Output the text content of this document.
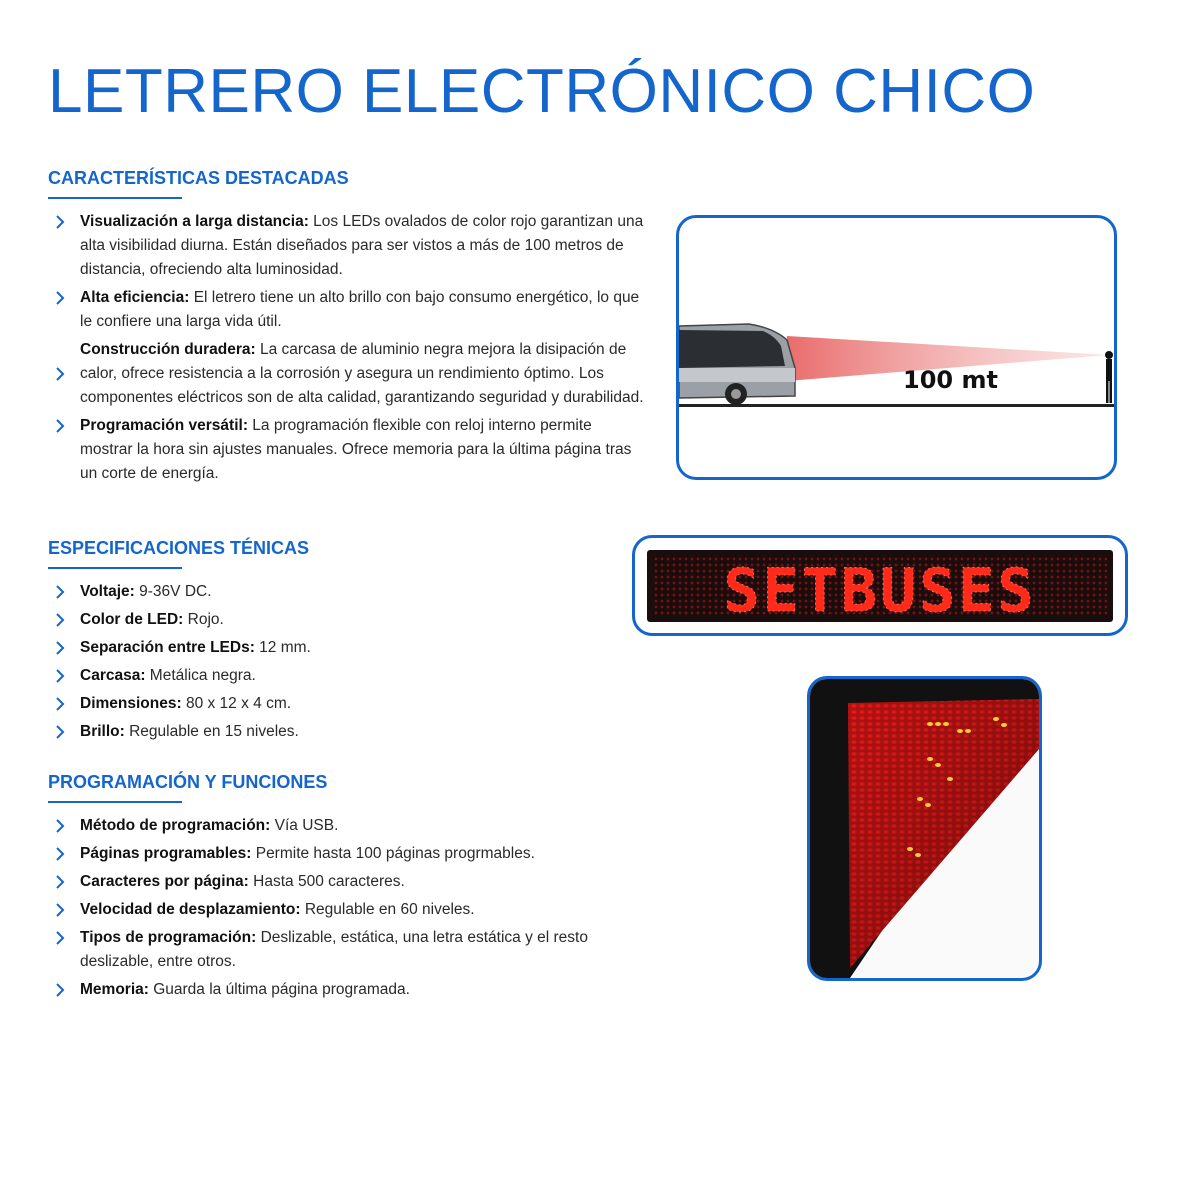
LETRERO ELECTRÓNICO CHICO
CARACTERÍSTICAS DESTACADAS
Visualización a larga distancia: Los LEDs ovalados de color rojo garantizan una alta visibilidad diurna. Están diseñados para ser vistos a más de 100 metros de distancia, ofreciendo alta luminosidad.
Alta eficiencia: El letrero tiene un alto brillo con bajo consumo energético, lo que le confiere una larga vida útil.
Construcción duradera: La carcasa de aluminio negra mejora la disipación de calor, ofrece resistencia a la corrosión y asegura un rendimiento óptimo. Los componentes eléctricos son de alta calidad, garantizando seguridad y durabilidad.
Programación versátil: La programación flexible con reloj interno permite mostrar la hora sin ajustes manuales. Ofrece memoria para la última página tras un corte de energía.
ESPECIFICACIONES TÉNICAS
Voltaje: 9-36V DC.
Color de LED: Rojo.
Separación entre LEDs: 12 mm.
Carcasa: Metálica negra.
Dimensiones: 80 x 12 x 4 cm.
Brillo: Regulable en 15 niveles.
PROGRAMACIÓN Y FUNCIONES
Método de programación: Vía USB.
Páginas programables: Permite hasta 100 páginas progrmables.
Caracteres por página: Hasta 500 caracteres.
Velocidad de desplazamiento: Regulable en 60 niveles.
Tipos de programación: Deslizable, estática, una letra estática y el resto deslizable, entre otros.
Memoria: Guarda la última página programada.
100 mt
SETBUSES
